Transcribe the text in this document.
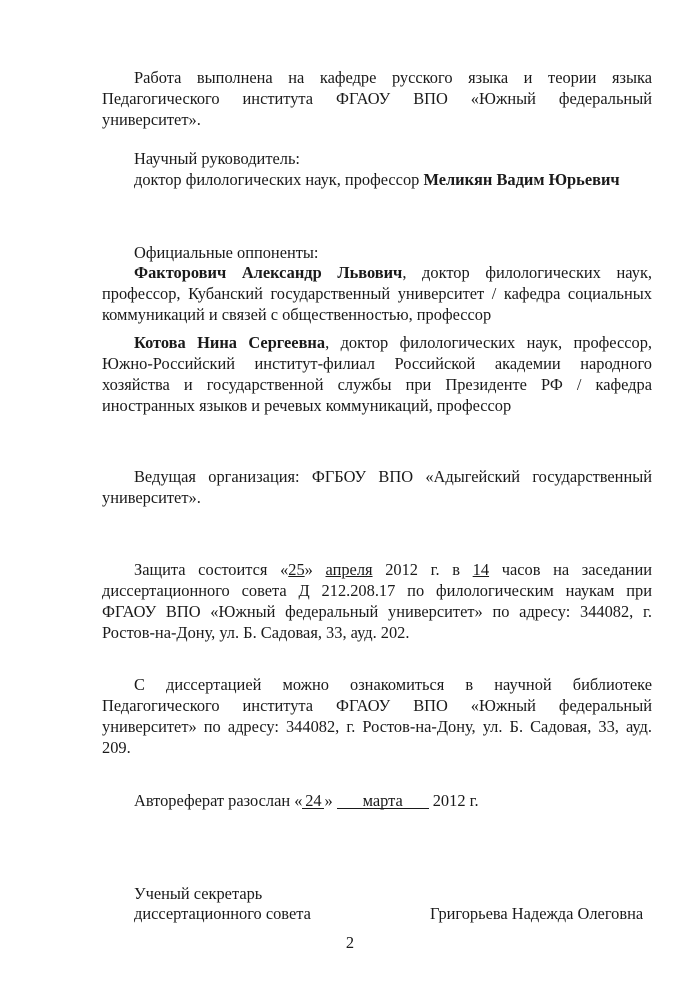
Работа выполнена на кафедре русского языка и теории языка Педагогического института ФГАОУ ВПО «Южный федеральный университет».
Научный руководитель:
доктор филологических наук, профессор Меликян Вадим Юрьевич
Официальные оппоненты:
Факторович Александр Львович, доктор филологических наук, профессор, Кубанский государственный университет / кафедра социальных коммуникаций и связей с общественностью, профессор
Котова Нина Сергеевна, доктор филологических наук, профессор, Южно-Российский институт-филиал Российской академии народного хозяйства и государственной службы при Президенте РФ / кафедра иностранных языков и речевых коммуникаций, профессор
Ведущая организация: ФГБОУ ВПО «Адыгейский государственный университет».
Защита состоится «25» апреля 2012 г. в 14 часов на заседании диссертационного совета Д 212.208.17 по филологическим наукам при ФГАОУ ВПО «Южный федеральный университет» по адресу: 344082, г. Ростов-на-Дону, ул. Б. Садовая, 33, ауд. 202.
С диссертацией можно ознакомиться в научной библиотеке Педагогического института ФГАОУ ВПО «Южный федеральный университет» по адресу: 344082, г. Ростов-на-Дону, ул. Б. Садовая, 33, ауд. 209.
Автореферат разослан « 24 » марта 2012 г.
Ученый секретарь
диссертационного совета	Григорьева Надежда Олеговна
2
